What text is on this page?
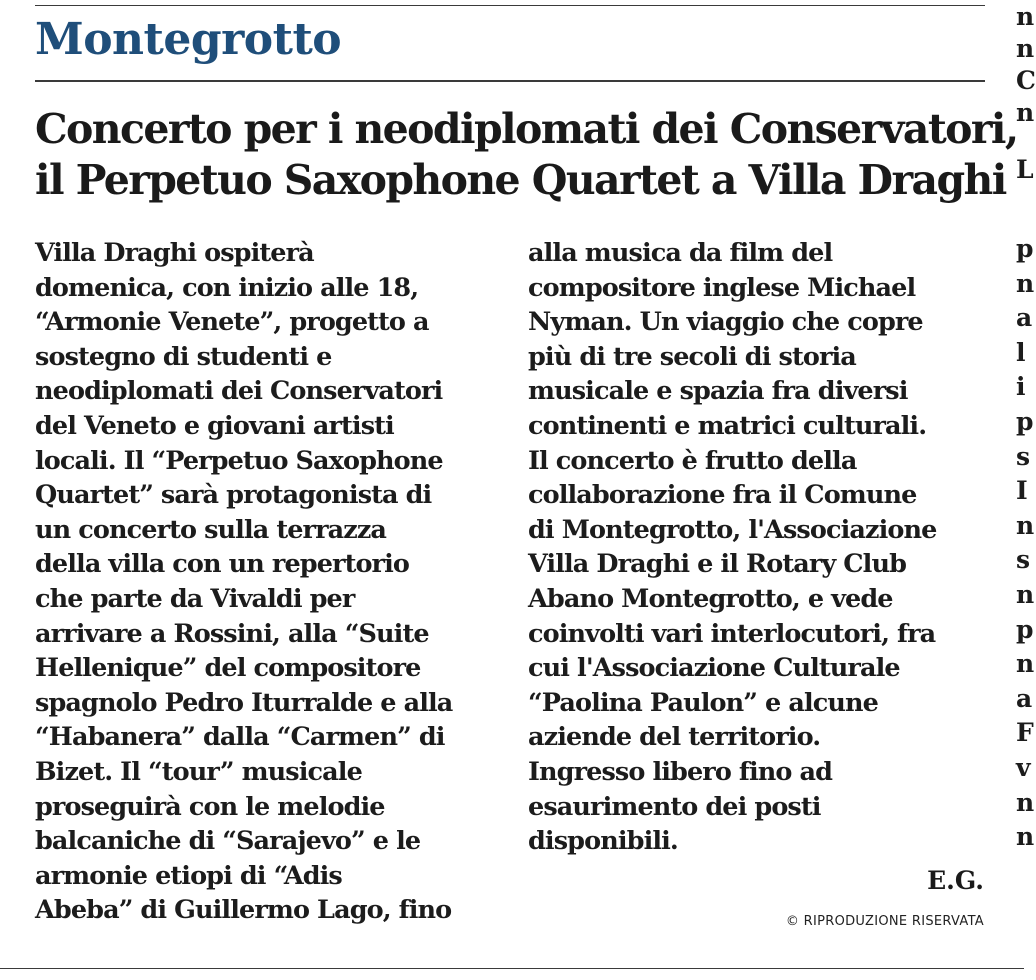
Montegrotto
Concerto per i neodiplomati dei Conservatori,
il Perpetuo Saxophone Quartet a Villa Draghi
Villa Draghi ospiterà
domenica, con inizio alle 18,
“Armonie Venete”, progetto a
sostegno di studenti e
neodiplomati dei Conservatori
del Veneto e giovani artisti
locali. Il “Perpetuo Saxophone
Quartet” sarà protagonista di
un concerto sulla terrazza
della villa con un repertorio
che parte da Vivaldi per
arrivare a Rossini, alla “Suite
Hellenique” del compositore
spagnolo Pedro Iturralde e alla
“Habanera” dalla “Carmen” di
Bizet. Il “tour” musicale
proseguirà con le melodie
balcaniche di “Sarajevo” e le
armonie etiopi di “Adis
Abeba” di Guillermo Lago, fino
alla musica da film del
compositore inglese Michael
Nyman. Un viaggio che copre
più di tre secoli di storia
musicale e spazia fra diversi
continenti e matrici culturali.
Il concerto è frutto della
collaborazione fra il Comune
di Montegrotto, l'Associazione
Villa Draghi e il Rotary Club
Abano Montegrotto, e vede
coinvolti vari interlocutori, fra
cui l'Associazione Culturale
“Paolina Paulon” e alcune
aziende del territorio.
Ingresso libero fino ad
esaurimento dei posti
disponibili.
E.G.
© RIPRODUZIONE RISERVATA
n
n
C
n
L
p
n
a
l
i
p
s
I
n
s
n
p
n
a
F
v
n
n
